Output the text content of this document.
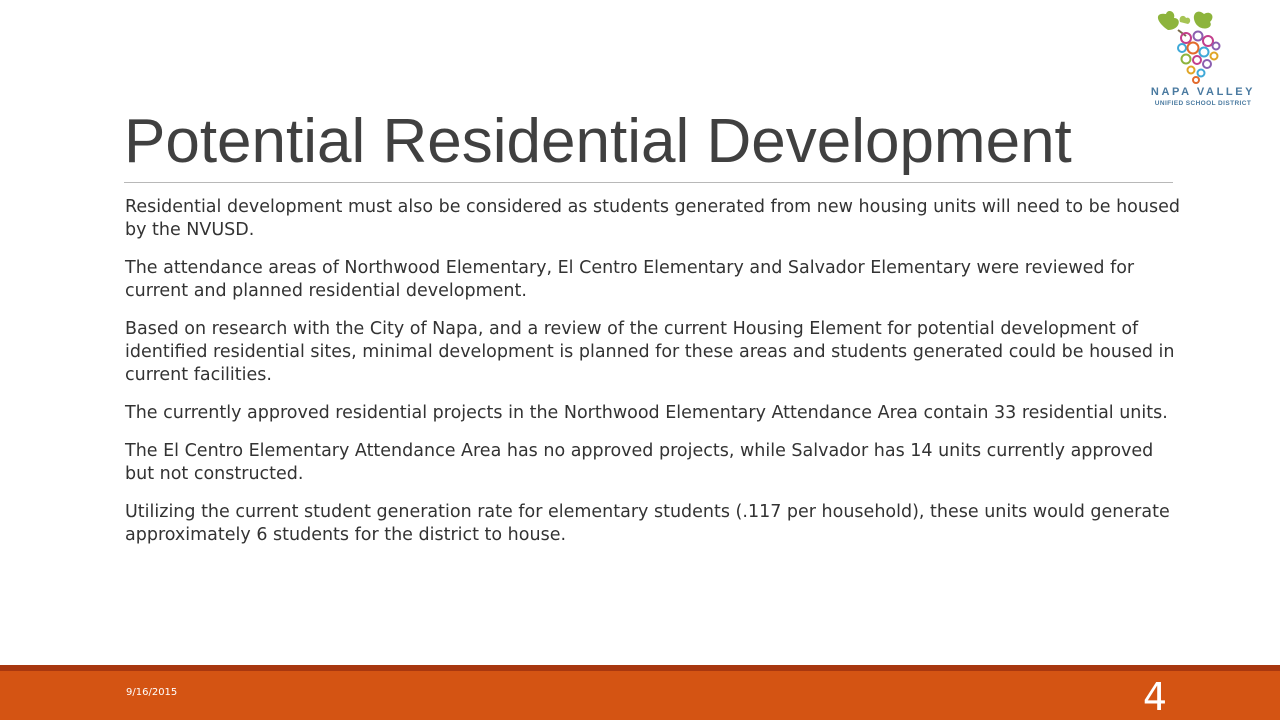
NAPA VALLEY
UNIFIED SCHOOL DISTRICT
Potential Residential Development

Residential development must also be considered as students generated from new housing units will need to be housed by the NVUSD.

The attendance areas of Northwood Elementary, El Centro Elementary and Salvador Elementary were reviewed for current and planned residential development.

Based on research with the City of Napa, and a review of the current Housing Element for potential development of identified residential sites, minimal development is planned for these areas and students generated could be housed in current facilities.

The currently approved residential projects in the Northwood Elementary Attendance Area contain 33 residential units.

The El Centro Elementary Attendance Area has no approved projects, while Salvador has 14 units currently approved but not constructed.

Utilizing the current student generation rate for elementary students (.117 per household), these units would generate approximately 6 students for the district to house.

9/16/2015	4
